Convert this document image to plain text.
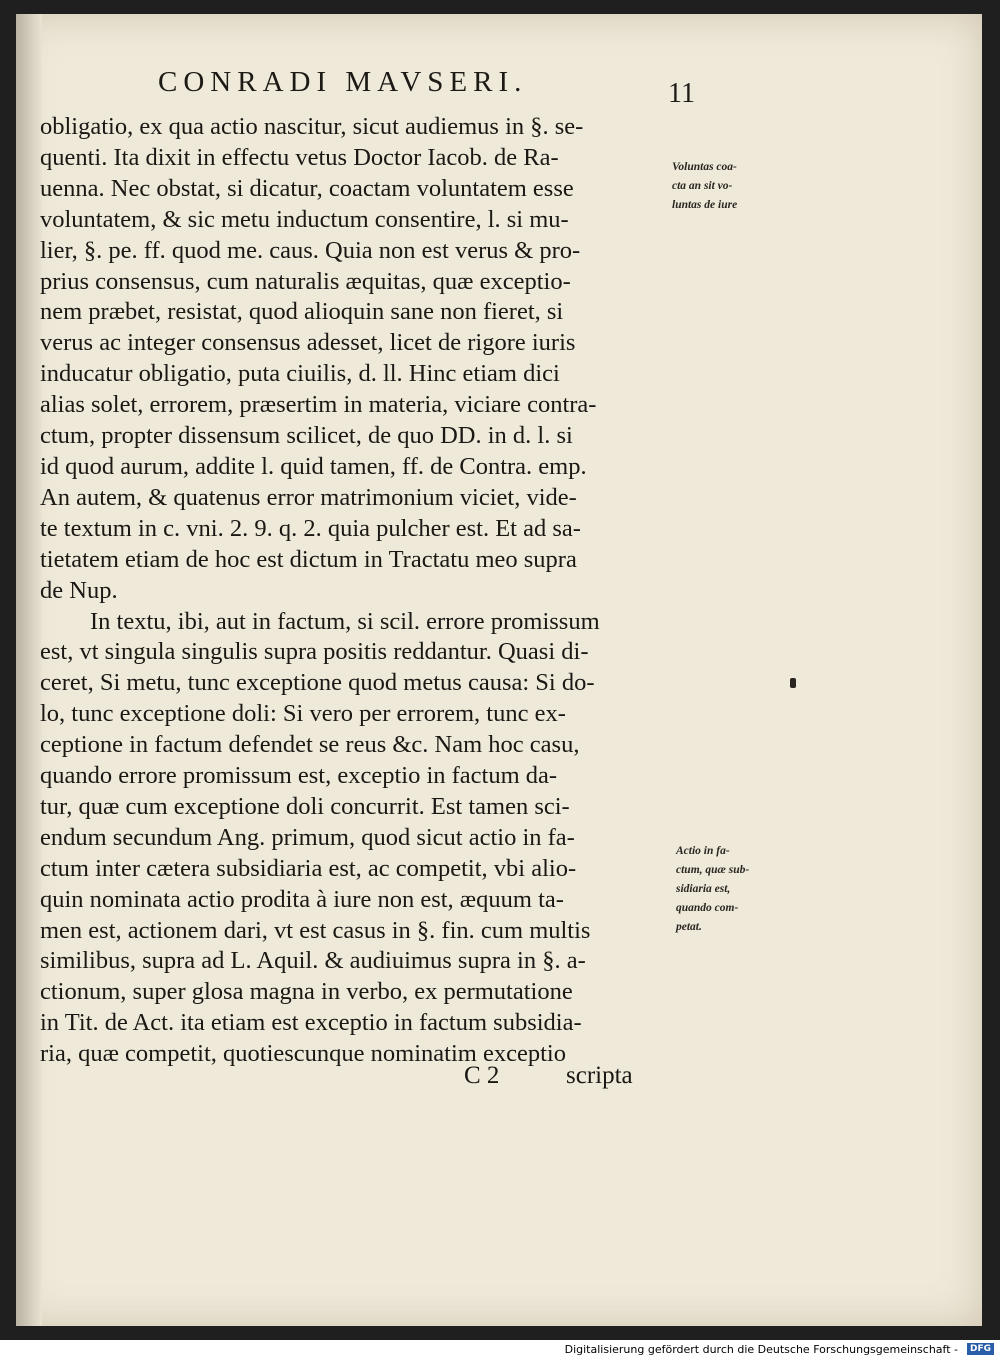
CONRADI MAVSERI.	11
obligatio, ex qua actio nascitur, sicut audiemus in §. se-
quenti. Ita dixit in effectu vetus Doctor Iacob. de Ra-
uenna. Nec obstat, si dicatur, coactam voluntatem esse
voluntatem, & sic metu inductum consentire, l. si mu-
lier, §. pe. ff. quod me. caus. Quia non est verus & pro-
prius consensus, cum naturalis æquitas, quæ exceptio-
nem præbet, resistat, quod alioquin sane non fieret, si
verus ac integer consensus adesset, licet de rigore iuris
inducatur obligatio, puta ciuilis, d. ll. Hinc etiam dici
alias solet, errorem, præsertim in materia, viciare contra-
ctum, propter dissensum scilicet, de quo DD. in d. l. si
id quod aurum, addite l. quid tamen, ff. de Contra. emp.
An autem, & quatenus error matrimonium viciet, vide-
te textum in c. vni. 2. 9. q. 2. quia pulcher est. Et ad sa-
tietatem etiam de hoc est dictum in Tractatu meo supra
de Nup.
In textu, ibi, aut in factum, si scil. errore promissum
est, vt singula singulis supra positis reddantur. Quasi di-
ceret, Si metu, tunc exceptione quod metus causa: Si do-
lo, tunc exceptione doli: Si vero per errorem, tunc ex-
ceptione in factum defendet se reus &c. Nam hoc casu,
quando errore promissum est, exceptio in factum da-
tur, quæ cum exceptione doli concurrit. Est tamen sci-
endum secundum Ang. primum, quod sicut actio in fa-
ctum inter cætera subsidiaria est, ac competit, vbi alio-
quin nominata actio prodita à iure non est, æquum ta-
men est, actionem dari, vt est casus in §. fin. cum multis
similibus, supra ad L. Aquil. & audiuimus supra in §. a-
ctionum, super glosa magna in verbo, ex permutatione
in Tit. de Act. ita etiam est exceptio in factum subsidia-
ria, quæ competit, quotiescunque nominatim exceptio
Voluntas coa-
cta an sit vo-
luntas de iure
Actio in fa-
ctum, quæ sub-
sidiaria est,
quando com-
petat.
C 2	scripta
Digitalisierung gefördert durch die Deutsche Forschungsgemeinschaft -	DFG
